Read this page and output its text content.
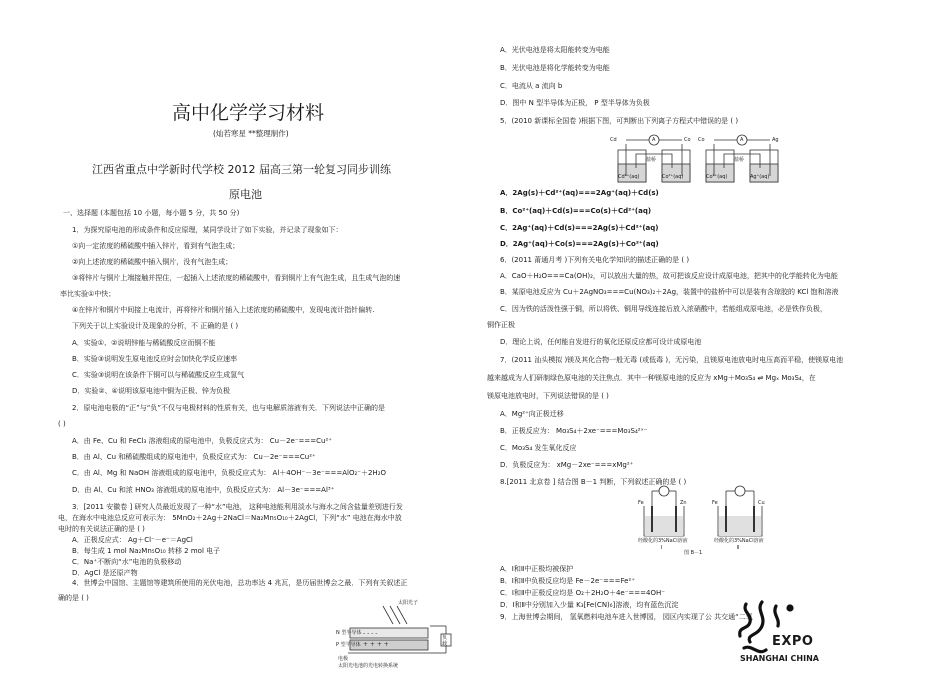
高中化学学习材料
(灿若寒星 **整理制作)
江西省重点中学新时代学校 2012 届高三第一轮复习同步训练
原电池
一、选择题 (本题包括 10 小题，每小题 5 分，共 50 分)
1．为探究原电池的形成条件和反应原理，某同学设计了如下实验，并记录了现象如下：
①向一定浓度的稀硫酸中插入锌片，看到有气泡生成；
②向上述浓度的稀硫酸中插入铜片，没有气泡生成；
③将锌片与铜片上端接触并捏住，一起插入上述浓度的稀硫酸中，看到铜片上有气泡生成，且生成气泡的速
率比实验①中快；
④在锌片和铜片中间接上电流计，再将锌片和铜片插入上述浓度的稀硫酸中，发现电流计指针偏转.
下列关于以上实验设计及现象的分析，不 正确的是 ( )
A．实验①、②说明锌能与稀硫酸反应而铜不能
B．实验③说明发生原电池反应时会加快化学反应速率
C．实验③说明在该条件下铜可以与稀硫酸反应生成氢气
D．实验②、④说明该原电池中铜为正极、锌为负极
2．原电池电极的“正”与“负”不仅与电极材料的性质有关，也与电解质溶液有关．下列说法中正确的是
( )
A．由 Fe、Cu 和 FeCl₃ 溶液组成的原电池中，负极反应式为： Cu－2e⁻===Cu²⁺
B．由 Al、Cu 和稀硫酸组成的原电池中，负极反应式为： Cu－2e⁻===Cu²⁺
C．由 Al、Mg 和 NaOH 溶液组成的原电池中，负极反应式为： Al＋4OH⁻－3e⁻===AlO₂⁻＋2H₂O
D．由 Al、Cu 和浓 HNO₃ 溶液组成的原电池中，负极反应式为： Al－3e⁻===Al³⁺
3．[2011 安徽卷 ] 研究人员最近发现了一种“水”电池， 这种电池能利用淡水与海水之间含盐量差别进行发
电，在海水中电池总反应可表示为： 5MnO₂＋2Ag＋2NaCl＝Na₂Mn₅O₁₀＋2AgCl，下列“水” 电池在海水中放
电时的有关说法正确的是 ( )
A．正极反应式： Ag＋Cl⁻－e⁻＝AgCl
B．每生成 1 mol Na₂Mn₅O₁₀ 转移 2 mol 电子
C．Na⁺不断向“水”电池的负极移动
D．AgCl 是还原产物
4．世博会中国馆、主题馆等建筑所使用的光伏电池，总功率达 4 兆瓦，是历届世博会之最．下列有关叙述正
确的是 ( )
+ + + +
- - - -
太阳光子
N 型半导体
P 型半导体
负载
电极
太阳光电池的光电转换系统
A．光伏电池是将太阳能转变为电能
B．光伏电池是将化学能转变为电能
C．电流从 a 流向 b
D．图中 N 型半导体为正极， P 型半导体为负极
5．(2010 新课标全国卷 )根据下图，可判断出下列离子方程式中错误的是 ( )
Cd	Co
盐桥
Cd²⁺(aq)	Co²⁺(aq)
A	Co	Ag
盐桥
Co²⁺(aq)	Ag⁺(aq)
A
A．2Ag(s)＋Cd²⁺(aq)===2Ag⁺(aq)＋Cd(s)
B．Co²⁺(aq)＋Cd(s)===Co(s)＋Cd²⁺(aq)
C．2Ag⁺(aq)＋Cd(s)===2Ag(s)＋Cd²⁺(aq)
D．2Ag⁺(aq)＋Co(s)===2Ag(s)＋Co²⁺(aq)
6．(2011 莆通月考 )下列有关电化学知识的描述正确的是 ( )
A．CaO＋H₂O===Ca(OH)₂，可以放出大量的热，故可把该反应设计成原电池，把其中的化学能转化为电能
B．某原电池反应为 Cu＋2AgNO₃===Cu(NO₃)₂＋2Ag，装置中的盐桥中可以是装有含琼胶的 KCl 饱和溶液
C．因为铁的活泼性强于铜，所以将铁、铜用导线连接后放入浓硝酸中，若能组成原电池，必是铁作负极，
铜作正极
D．理论上说，任何能自发进行的氧化还原反应都可设计成原电池
7．(2011 汕头模拟 )镁及其化合物一般无毒 (或低毒 )，无污染，且镁原电池放电时电压高而平稳，使镁原电池
越来越成为人们研制绿色原电池的关注焦点．其中一种镁原电池的反应为 xMg＋Mo₃S₄ ⇌ Mgₓ Mo₃S₄，在
镁原电池放电时，下列说法错误的是 ( )
A．Mg²⁺向正极迁移
B．正极反应为： Mo₃S₄＋2xe⁻===Mo₃S₄²ˣ⁻
C．Mo₃S₄ 发生氧化反应
D．负极反应为： xMg－2xe⁻===xMg²⁺
8.[2011 北京卷 ] 结合图 B－1 判断，下列叙述正确的是 ( )
Fe	Zn
经酸化的3%NaCl溶液
Ⅰ
Fe	Cu
经酸化的3%NaCl溶液
Ⅱ
图 B－1
A．Ⅰ和Ⅱ中正极均被保护
B．Ⅰ和Ⅱ中负极反应均是 Fe－2e⁻===Fe²⁺
C．Ⅰ和Ⅱ中正极反应均是 O₂＋2H₂O＋4e⁻===4OH⁻
D．Ⅰ和Ⅱ中分别加入少量 K₃[Fe(CN)₆]溶液，均有蓝色沉淀
9．上海世博会期间， 氢氧燃料电池车进入世博园， 园区内实现了公 共交通“二氧
EXPO
SHANGHAI CHINA
